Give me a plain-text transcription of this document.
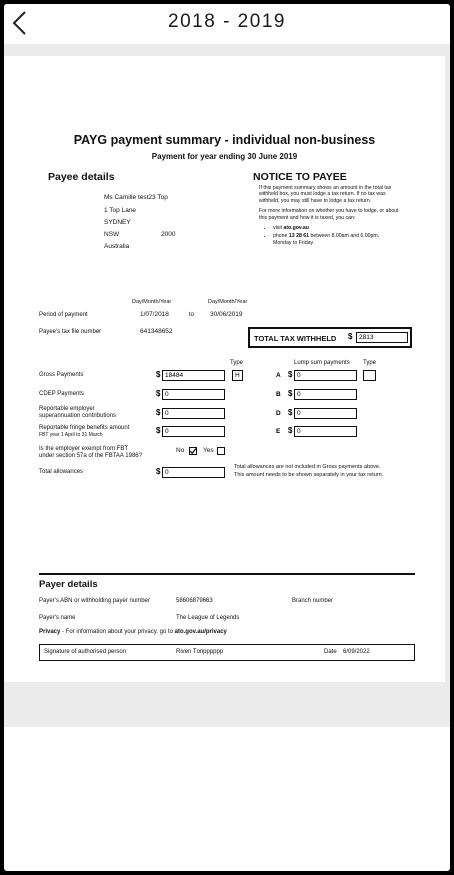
2018 - 2019
PAYG payment summary - individual non-business
Payment for year ending 30 June 2019
Payee details
Ms Camille test23 Top
1 Top Lane
SYDNEY
NSW	2000
Australia
NOTICE TO PAYEE

If this payment summary shows an amount in the total tax withheld box, you must lodge a tax return. If no tax was withheld, you may still have to lodge a tax return.

For more information on whether you have to lodge, or about this payment and how it is taxed, you can:

• visit ato.gov.au
• phone 13 28 61 between 8.00am and 6.00pm, Monday to Friday.
Day/Month/Year	Day/Month/Year
Period of payment	1/07/2018	to 30/06/2019
Payee's tax file number	641348652
TOTAL TAX WITHHELD $	2813
Type	Lump sum payments Type
Gross Payments	$ 18484	H	A $ 0
CDEP Payments	$ 0	B $ 0
Reportable employer
superannuation contributions	$ 0	D $ 0
Reportable fringe benefits amount
FBT year 1 April to 31 March	$ 0	E $ 0
Is the employer exempt from FBT
under section 57a of the FBTAA 1986?
No	Yes
Total allowances	$ 0
Total allowances are not included in Gross payments above.
This amount needs to be shown separately in your tax return.
Payer details
Payer's ABN or withholding payer number	58606879663	Branch number
Payer's name	The League of Legends
Privacy - For information about your privacy, go to ato.gov.au/privacy
Signature of authorised person	Riven Tопpppppp	Date 6/09/2022
